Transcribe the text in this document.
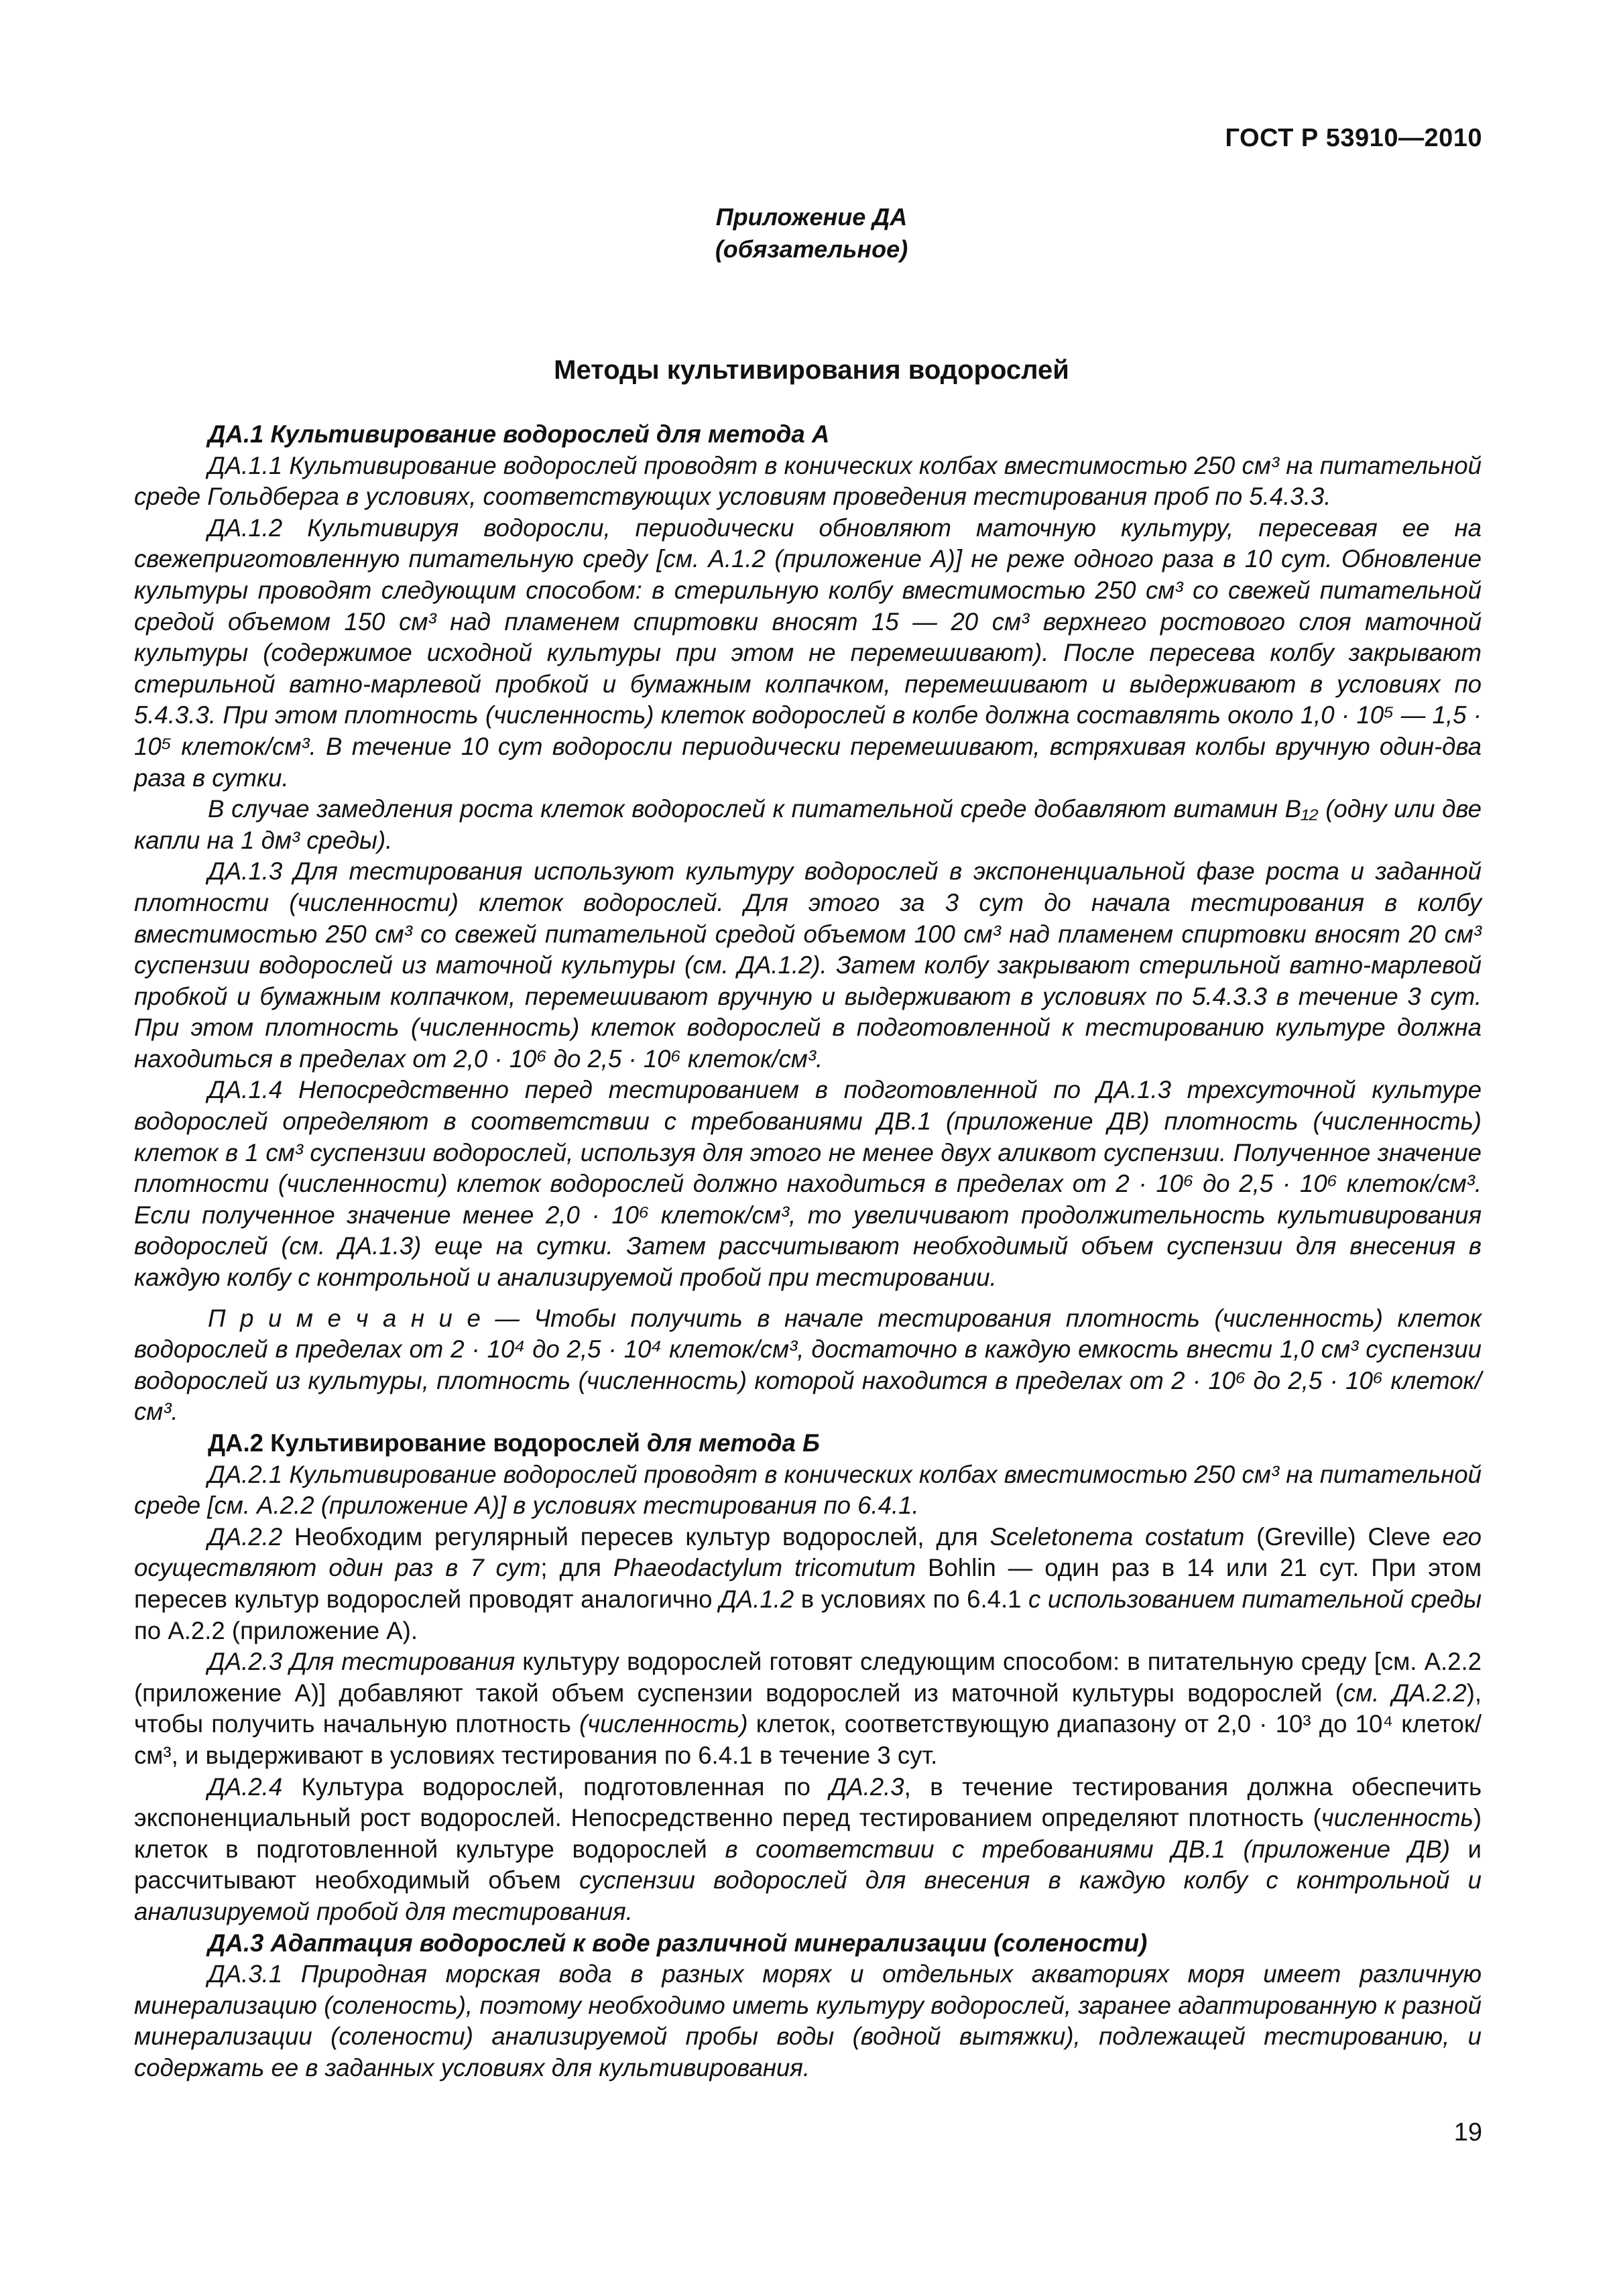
ГОСТ Р 53910—2010
Приложение ДА
(обязательное)
Методы культивирования водорослей

ДА.1 Культивирование водорослей для метода А

ДА.1.1 Культивирование водорослей проводят в конических колбах вместимостью 250 см³ на питательной среде Гольдберга в условиях, соответствующих условиям проведения тестирования проб по 5.4.3.3.

ДА.1.2 Культивируя водоросли, периодически обновляют маточную культуру, пересевая ее на свежеприготовленную питательную среду [см. А.1.2 (приложение А)] не реже одного раза в 10 сут. Обновление культуры проводят следующим способом: в стерильную колбу вместимостью 250 см³ со свежей питательной средой объемом 150 см³ над пламенем спиртовки вносят 15 — 20 см³ верхнего ростового слоя маточной культуры (содержимое исходной культуры при этом не перемешивают). После пересева колбу закрывают стерильной ватно-марлевой пробкой и бумажным колпачком, перемешивают и выдерживают в условиях по 5.4.3.3. При этом плотность (численность) клеток водорослей в колбе должна составлять около 1,0 · 10⁵ — 1,5 · 10⁵ клеток/см³. В течение 10 сут водоросли периодически перемешивают, встряхивая колбы вручную один-два раза в сутки.

В случае замедления роста клеток водорослей к питательной среде добавляют витамин B₁₂ (одну или две капли на 1 дм³ среды).

ДА.1.3 Для тестирования используют культуру водорослей в экспоненциальной фазе роста и заданной плотности (численности) клеток водорослей. Для этого за 3 сут до начала тестирования в колбу вместимостью 250 см³ со свежей питательной средой объемом 100 см³ над пламенем спиртовки вносят 20 см³ суспензии водорослей из маточной культуры (см. ДА.1.2). Затем колбу закрывают стерильной ватно-марлевой пробкой и бумажным колпачком, перемешивают вручную и выдерживают в условиях по 5.4.3.3 в течение 3 сут. При этом плотность (численность) клеток водорослей в подготовленной к тестированию культуре должна находиться в пределах от 2,0 · 10⁶ до 2,5 · 10⁶ клеток/см³.

ДА.1.4 Непосредственно перед тестированием в подготовленной по ДА.1.3 трехсуточной культуре водорослей определяют в соответствии с требованиями ДВ.1 (приложение ДВ) плотность (численность) клеток в 1 см³ суспензии водорослей, используя для этого не менее двух аликвот суспензии. Полученное значение плотности (численности) клеток водорослей должно находиться в пределах от 2 · 10⁶ до 2,5 · 10⁶ клеток/см³. Если полученное значение менее 2,0 · 10⁶ клеток/см³, то увеличивают продолжительность культивирования водорослей (см. ДА.1.3) еще на сутки. Затем рассчитывают необходимый объем суспензии для внесения в каждую колбу с контрольной и анализируемой пробой при тестировании.

П р и м е ч а н и е — Чтобы получить в начале тестирования плотность (численность) клеток водорослей в пределах от 2 · 10⁴ до 2,5 · 10⁴ клеток/см³, достаточно в каждую емкость внести 1,0 см³ суспензии водорослей из культуры, плотность (численность) которой находится в пределах от 2 · 10⁶ до 2,5 · 10⁶ клеток/см³.

ДА.2 Культивирование водорослей для метода Б

ДА.2.1 Культивирование водорослей проводят в конических колбах вместимостью 250 см³ на питательной среде [см. А.2.2 (приложение А)] в условиях тестирования по 6.4.1.

ДА.2.2 Необходим регулярный пересев культур водорослей, для Sceletonema costatum (Greville) Cleve его осуществляют один раз в 7 сут; для Phaeodactylum tricomutum Bohlin — один раз в 14 или 21 сут. При этом пересев культур водорослей проводят аналогично ДА.1.2 в условиях по 6.4.1 с использованием питательной среды по А.2.2 (приложение А).

ДА.2.3 Для тестирования культуру водорослей готовят следующим способом: в питательную среду [см. А.2.2 (приложение А)] добавляют такой объем суспензии водорослей из маточной культуры водорослей (см. ДА.2.2), чтобы получить начальную плотность (численность) клеток, соответствующую диапазону от 2,0 · 10³ до 10⁴ клеток/см³, и выдерживают в условиях тестирования по 6.4.1 в течение 3 сут.

ДА.2.4 Культура водорослей, подготовленная по ДА.2.3, в течение тестирования должна обеспечить экспоненциальный рост водорослей. Непосредственно перед тестированием определяют плотность (численность) клеток в подготовленной культуре водорослей в соответствии с требованиями ДВ.1 (приложение ДВ) и рассчитывают необходимый объем суспензии водорослей для внесения в каждую колбу с контрольной и анализируемой пробой для тестирования.

ДА.3 Адаптация водорослей к воде различной минерализации (солености)

ДА.3.1 Природная морская вода в разных морях и отдельных акваториях моря имеет различную минерализацию (соленость), поэтому необходимо иметь культуру водорослей, заранее адаптированную к разной минерализации (солености) анализируемой пробы воды (водной вытяжки), подлежащей тестированию, и содержать ее в заданных условиях для культивирования.

19
